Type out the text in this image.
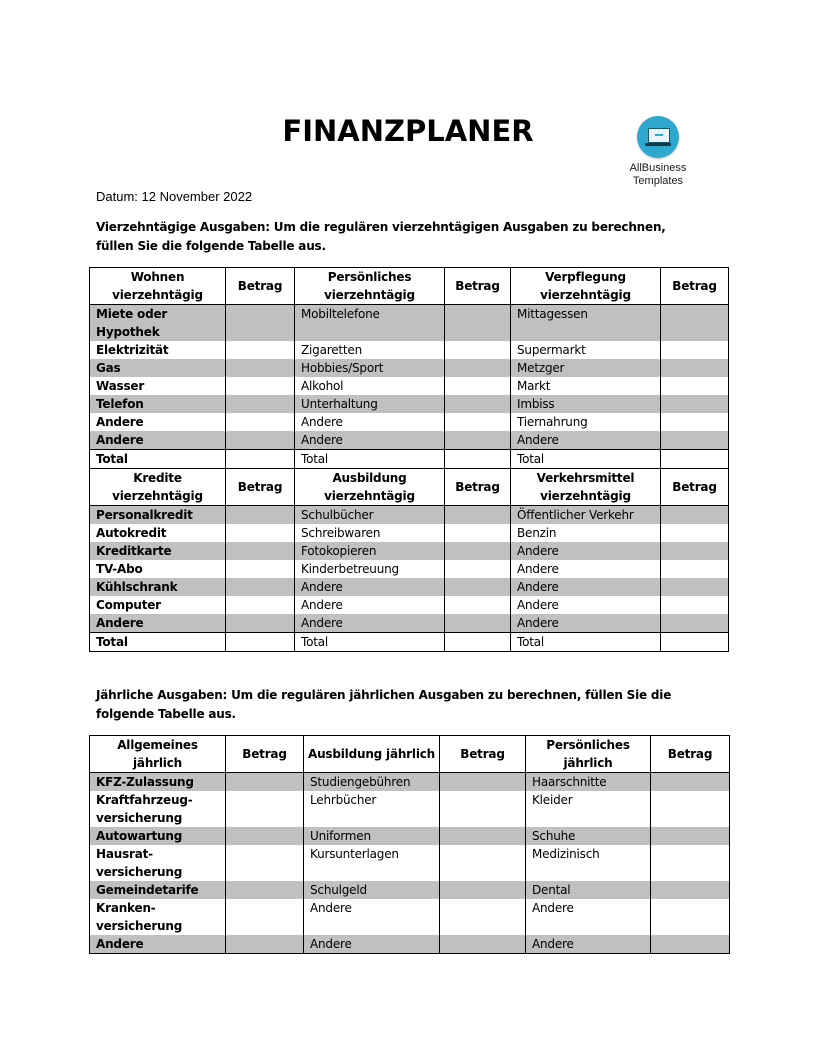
FINANZPLANER
AllBusiness
Templates
Datum: 12 November 2022
Vierzehntägige Ausgaben: Um die regulären vierzehntägigen Ausgaben zu berechnen, füllen Sie die folgende Tabelle aus.
Wohnen vierzehntägig	Betrag	Persönliches vierzehntägig	Betrag	Verpflegung vierzehntägig	Betrag
Miete oder Hypothek		Mobiltelefone		Mittagessen	
Elektrizität		Zigaretten		Supermarkt	
Gas		Hobbies/Sport		Metzger	
Wasser		Alkohol		Markt	
Telefon		Unterhaltung		Imbiss	
Andere		Andere		Tiernahrung	
Andere		Andere		Andere	
Total		Total		Total	
Kredite vierzehntägig	Betrag	Ausbildung vierzehntägig	Betrag	Verkehrsmittel vierzehntägig	Betrag
Personalkredit		Schulbücher		Öffentlicher Verkehr	
Autokredit		Schreibwaren		Benzin	
Kreditkarte		Fotokopieren		Andere	
TV-Abo		Kinderbetreuung		Andere	
Kühlschrank		Andere		Andere	
Computer		Andere		Andere	
Andere		Andere		Andere	
Total		Total		Total	
Jährliche Ausgaben: Um die regulären jährlichen Ausgaben zu berechnen, füllen Sie die folgende Tabelle aus.
Allgemeines jährlich	Betrag	Ausbildung jährlich	Betrag	Persönliches jährlich	Betrag
KFZ-Zulassung		Studiengebühren		Haarschnitte	
Kraftfahrzeug-versicherung		Lehrbücher		Kleider	
Autowartung		Uniformen		Schuhe	
Hausrat-versicherung		Kursunterlagen		Medizinisch	
Gemeindetarife		Schulgeld		Dental	
Kranken-versicherung		Andere		Andere	
Andere		Andere		Andere	
